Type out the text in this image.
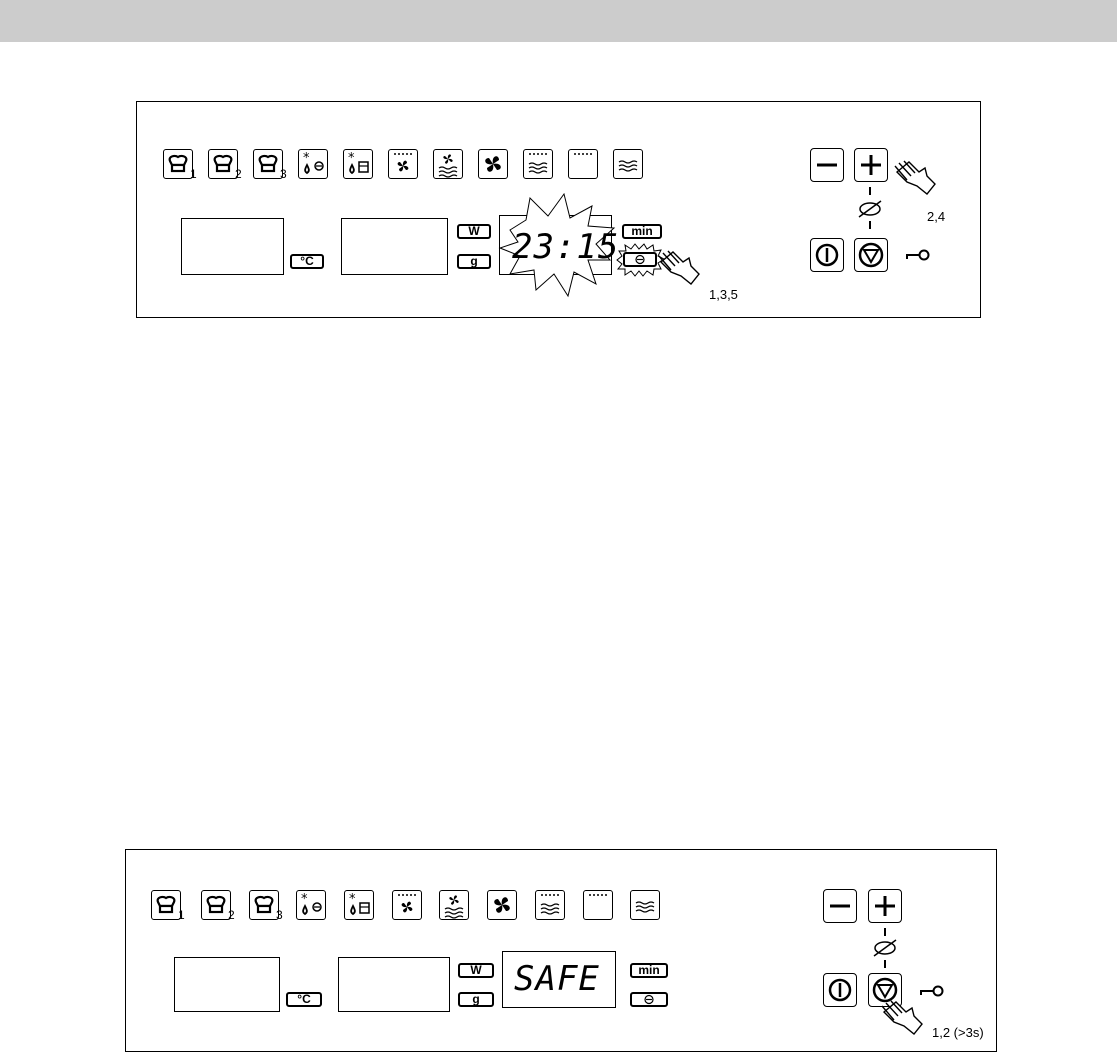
1	2	3
*	*
°C
W
g	23:15 min
1,3,5
2,4
1	2	3
*	*
°C
W
g	SAFE	min
1,2 (>3s)
